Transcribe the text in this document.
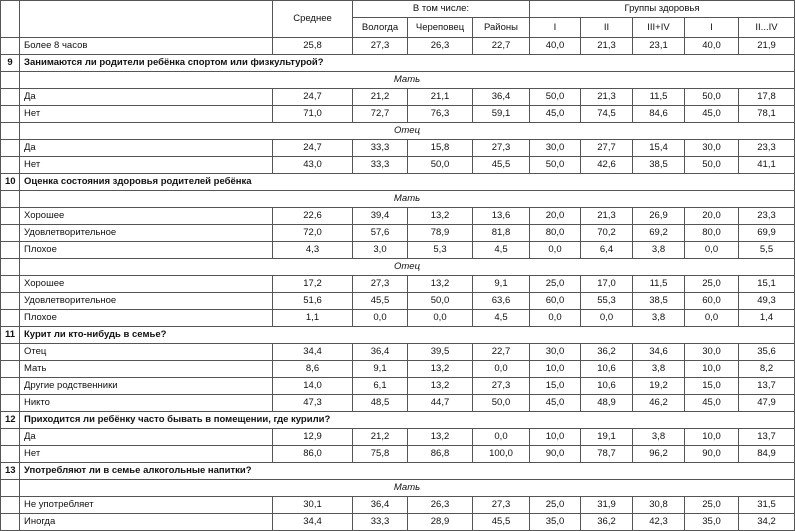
		Среднее	В том числе:			Группы здоровья				
			Вологда	Череповец	Районы	I	II	III+IV	I	II...IV
	Более 8 часов	25,8	27,3	26,3	22,7	40,0	21,3	23,1	40,0	21,9
9	Занимаются ли родители ребёнка спортом или физкультурой?									
	Мать									
	Да	24,7	21,2	21,1	36,4	50,0	21,3	11,5	50,0	17,8
	Нет	71,0	72,7	76,3	59,1	45,0	74,5	84,6	45,0	78,1
	Отец									
	Да	24,7	33,3	15,8	27,3	30,0	27,7	15,4	30,0	23,3
	Нет	43,0	33,3	50,0	45,5	50,0	42,6	38,5	50,0	41,1
10	Оценка состояния здоровья родителей ребёнка									
	Мать									
	Хорошее	22,6	39,4	13,2	13,6	20,0	21,3	26,9	20,0	23,3
	Удовлетворительное	72,0	57,6	78,9	81,8	80,0	70,2	69,2	80,0	69,9
	Плохое	4,3	3,0	5,3	4,5	0,0	6,4	3,8	0,0	5,5
	Отец									
	Хорошее	17,2	27,3	13,2	9,1	25,0	17,0	11,5	25,0	15,1
	Удовлетворительное	51,6	45,5	50,0	63,6	60,0	55,3	38,5	60,0	49,3
	Плохое	1,1	0,0	0,0	4,5	0,0	0,0	3,8	0,0	1,4
11	Курит ли кто-нибудь в семье?									
	Отец	34,4	36,4	39,5	22,7	30,0	36,2	34,6	30,0	35,6
	Мать	8,6	9,1	13,2	0,0	10,0	10,6	3,8	10,0	8,2
	Другие родственники	14,0	6,1	13,2	27,3	15,0	10,6	19,2	15,0	13,7
	Никто	47,3	48,5	44,7	50,0	45,0	48,9	46,2	45,0	47,9
12	Приходится ли ребёнку часто бывать в помещении, где курили?									
	Да	12,9	21,2	13,2	0,0	10,0	19,1	3,8	10,0	13,7
	Нет	86,0	75,8	86,8	100,0	90,0	78,7	96,2	90,0	84,9
13	Употребляют ли в семье алкогольные напитки?									
	Мать									
	Не употребляет	30,1	36,4	26,3	27,3	25,0	31,9	30,8	25,0	31,5
	Иногда	34,4	33,3	28,9	45,5	35,0	36,2	42,3	35,0	34,2
